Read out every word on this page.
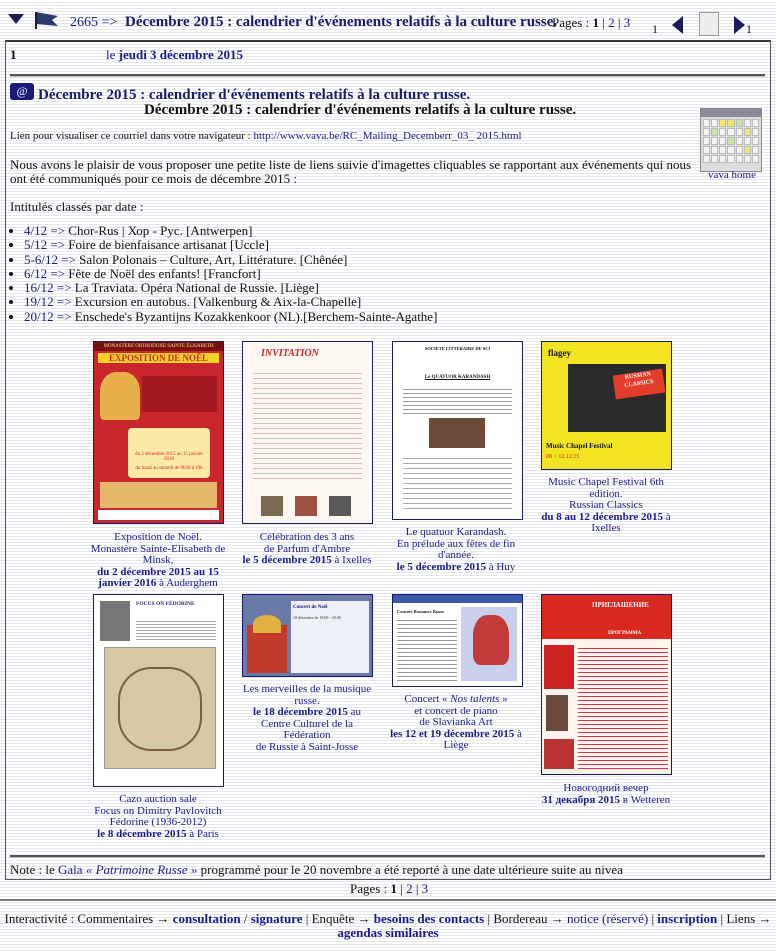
2665 => Décembre 2015 : calendrier d'événements relatifs à la culture russe.
Pages : 1 | 2 | 3 1	1
1	le jeudi 3 décembre 2015
@ Décembre 2015 : calendrier d'événements relatifs à la culture russe.
Décembre 2015 : calendrier d'événements relatifs à la culture russe.
Lien pour visualiser ce courriel dans votre navigateur : http://www.vava.be/RC_Mailing_Decemberr_03_ 2015.html
vava home
Nous avons le plaisir de vous proposer une petite liste de liens suivie d'imagettes cliquables se rapportant aux événements qui nous
ont été communiqués pour ce mois de décembre 2015 :
Intitulés classés par date :
• 4/12 => Chor-Rus | Хор - Рус. [Antwerpen]
• 5/12 => Foire de bienfaisance artisanat [Uccle]
• 5-6/12 => Salon Polonais – Culture, Art, Littérature. [Chênée]
• 6/12 => Fête de Noël des enfants! [Francfort]
• 16/12 => La Traviata. Opéra National de Russie. [Liège]
• 19/12 => Excursion en autobus. [Valkenburg & Aix-la-Chapelle]
• 20/12 => Enschede's Byzantijns Kozakkenkoor (NL).[Berchem-Sainte-Agathe]
MONASTÈRE ORTHODOXE SAINTE ÉLISABETH
EXPOSITION DE NOËL
du 2 décembre 2015 au 15 janvier 2016
du lundi au samedi de 9h30 à 19h
INVITATION	SOCIETE LITTERAIRE DE SCI
Le QUATUOR KARANDASH
flagey
RUSSIAN CLASSICS
Music Chapel Festival
08 > 12.12.15
FOCUS ON FÉDORINE
Concert de Noël
18 décembre de 18:00 - 20:00
Concert Romance Russe
ПРИГЛАШЕНИЕ
ПРОГРАММА
Exposition de Noël.
Monastère Sainte-Elisabeth de
Minsk,
du 2 décembre 2015 au 15
janvier 2016 à Auderghem
Célébration des 3 ans
de Parfum d'Ambre
le 5 décembre 2015 à Ixelles
Le quatuor Karandash.
En prélude aux fêtes de fin
d'année.
le 5 décembre 2015 à Huy
Music Chapel Festival 6th
edition.
Russian Classics
du 8 au 12 décembre 2015 à
Ixelles
Cazo auction sale
Focus on Dimitry Pavlovitch
Fédorine (1936-2012)
le 8 décembre 2015 à Paris
Les merveilles de la musique
russe.
le 18 décembre 2015 au
Centre Culturel de la Fédération
de Russie à Saint-Josse
Concert « Nos talents »
et concert de piano
de Slavianka Art
les 12 et 19 décembre 2015 à
Liège
Новогодний вечер
31 декабря 2015 в Wetteren
Note : le Gala « Patrimoine Russe » programmé pour le 20 novembre a été reporté à une date ultérieure suite au nivea
Pages : 1 | 2 | 3
Interactivité : Commentaires → consultation / signature | Enquête → besoins des contacts | Bordereau → notice (réservé) | inscription | Liens → agendas similaires
